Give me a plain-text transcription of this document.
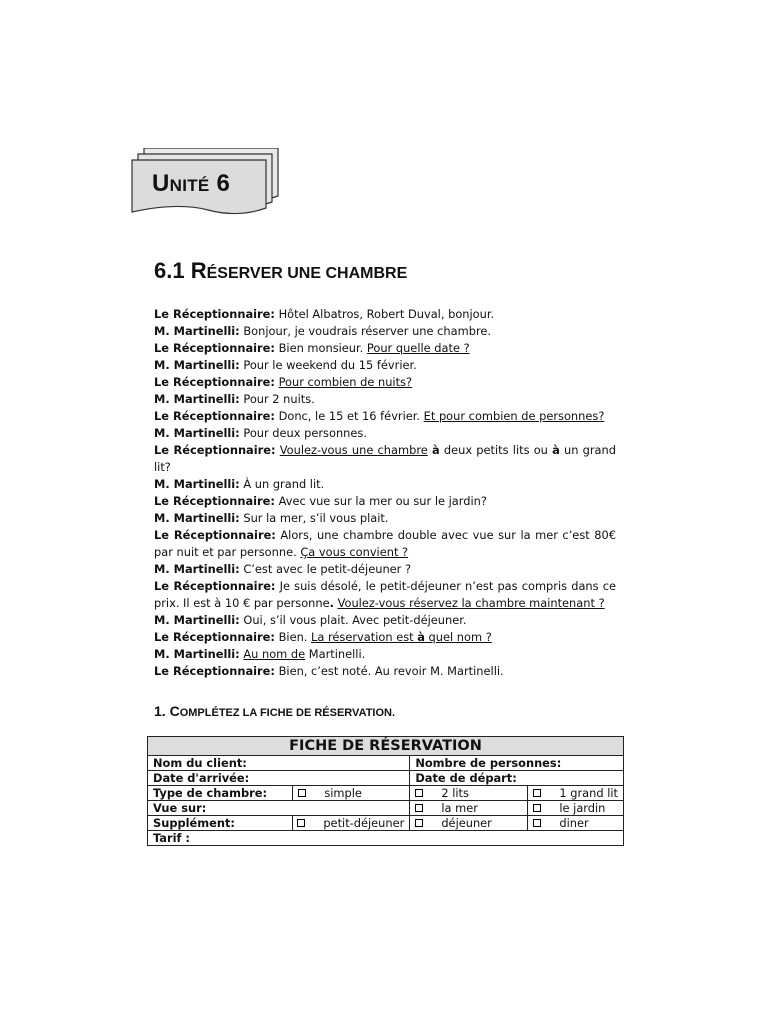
UNITÉ 6
6.1 RÉSERVER UNE CHAMBRE
Le Réceptionnaire: Hôtel Albatros, Robert Duval, bonjour.
M. Martinelli: Bonjour, je voudrais réserver une chambre.
Le Réceptionnaire: Bien monsieur. Pour quelle date ?
M. Martinelli: Pour le weekend du 15 février.
Le Réceptionnaire: Pour combien de nuits?
M. Martinelli: Pour 2 nuits.
Le Réceptionnaire: Donc, le 15 et 16 février. Et pour combien de personnes?
M. Martinelli: Pour deux personnes.
Le Réceptionnaire: Voulez-vous une chambre à deux petits lits ou à un grand lit?
M. Martinelli: À un grand lit.
Le Réceptionnaire: Avec vue sur la mer ou sur le jardin?
M. Martinelli: Sur la mer, s’il vous plait.
Le Réceptionnaire: Alors, une chambre double avec vue sur la mer c’est 80€ par nuit et par personne. Ça vous convient ?
M. Martinelli: C’est avec le petit-déjeuner ?
Le Réceptionnaire: Je suis désolé, le petit-déjeuner n’est pas compris dans ce prix. Il est à 10 € par personne. Voulez-vous réservez la chambre maintenant ?
M. Martinelli: Oui, s’il vous plait. Avec petit-déjeuner.
Le Réceptionnaire: Bien. La réservation est à quel nom ?
M. Martinelli: Au nom de Martinelli.
Le Réceptionnaire: Bien, c’est noté. Au revoir M. Martinelli.
1. COMPLÉTEZ LA FICHE DE RÉSERVATION.
FICHE DE RÉSERVATION			
Nom du client:		Nombre de personnes:	
Date d'arrivée:		Date de départ:	
Type de chambre:	simple	2 lits	1 grand lit
Vue sur:		la mer	le jardin
Supplément:	petit-déjeuner	déjeuner	diner
Tarif :			
